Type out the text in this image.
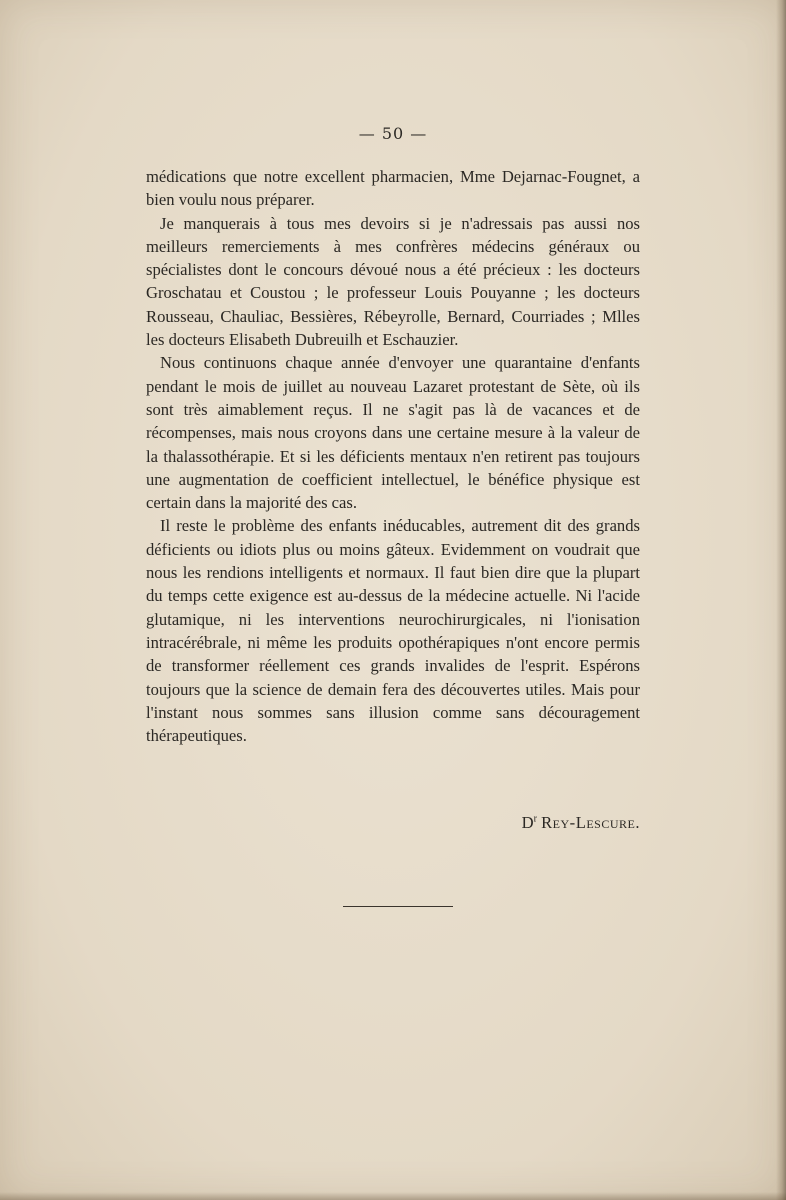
— 50 —

médications que notre excellent pharmacien, Mme Dejarnac-Fougnet, a bien voulu nous préparer.

Je manquerais à tous mes devoirs si je n'adressais pas aussi nos meilleurs remerciements à mes confrères médecins généraux ou spécialistes dont le concours dévoué nous a été précieux : les docteurs Groschatau et Coustou ; le professeur Louis Pouyanne ; les docteurs Rousseau, Chauliac, Bessières, Rébeyrolle, Bernard, Courriades ; Mlles les docteurs Elisabeth Dubreuilh et Eschauzier.

Nous continuons chaque année d'envoyer une quarantaine d'enfants pendant le mois de juillet au nouveau Lazaret protestant de Sète, où ils sont très aimablement reçus. Il ne s'agit pas là de vacances et de récompenses, mais nous croyons dans une certaine mesure à la valeur de la thalassothérapie. Et si les déficients mentaux n'en retirent pas toujours une augmentation de coefficient intellectuel, le bénéfice physique est certain dans la majorité des cas.

Il reste le problème des enfants inéducables, autrement dit des grands déficients ou idiots plus ou moins gâteux. Evidemment on voudrait que nous les rendions intelligents et normaux. Il faut bien dire que la plupart du temps cette exigence est au-dessus de la médecine actuelle. Ni l'acide glutamique, ni les interventions neurochirurgicales, ni l'ionisation intracérébrale, ni même les produits opothérapiques n'ont encore permis de transformer réellement ces grands invalides de l'esprit. Espérons toujours que la science de demain fera des découvertes utiles. Mais pour l'instant nous sommes sans illusion comme sans découragement thérapeutiques.

$D^r$ Rey-Lescure.
